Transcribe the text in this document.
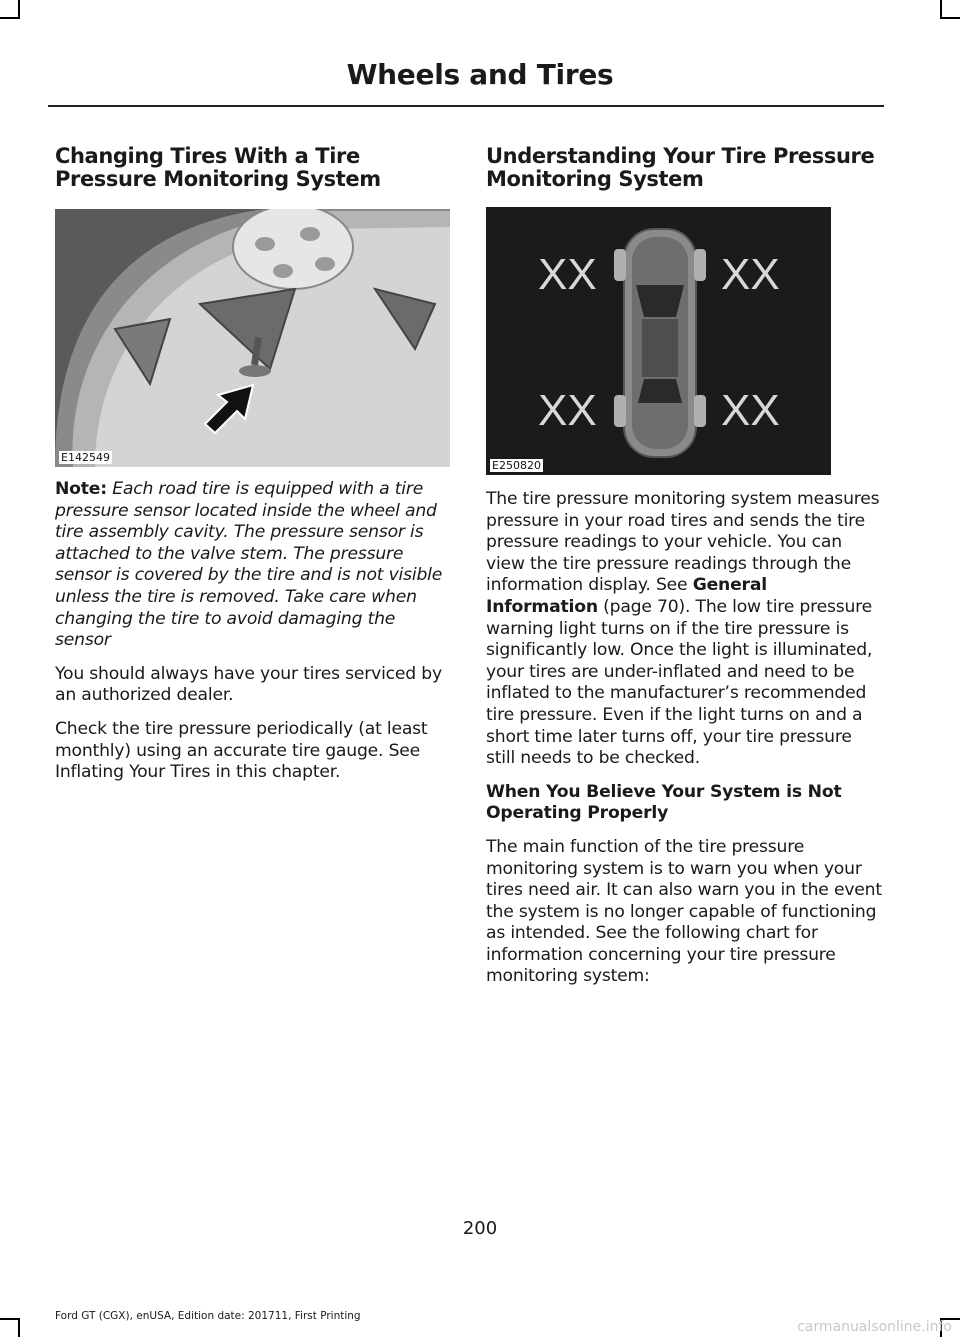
Wheels and Tires
Changing Tires With a Tire Pressure Monitoring System
E142549

Note: Each road tire is equipped with a tire pressure sensor located inside the wheel and tire assembly cavity. The pressure sensor is attached to the valve stem. The pressure sensor is covered by the tire and is not visible unless the tire is removed. Take care when changing the tire to avoid damaging the sensor

You should always have your tires serviced by an authorized dealer.

Check the tire pressure periodically (at least monthly) using an accurate tire gauge. See Inflating Your Tires in this chapter.

Understanding Your Tire Pressure Monitoring System
XX	XX
XX	XX
E250820

The tire pressure monitoring system measures pressure in your road tires and sends the tire pressure readings to your vehicle. You can view the tire pressure readings through the information display. See General Information (page 70). The low tire pressure warning light turns on if the tire pressure is significantly low. Once the light is illuminated, your tires are under-inflated and need to be inflated to the manufacturer’s recommended tire pressure. Even if the light turns on and a short time later turns off, your tire pressure still needs to be checked.

When You Believe Your System is Not Operating Properly

The main function of the tire pressure monitoring system is to warn you when your tires need air. It can also warn you in the event the system is no longer capable of functioning as intended. See the following chart for information concerning your tire pressure monitoring system:

200
Ford GT (CGX), enUSA, Edition date: 201711, First Printing
carmanualsonline.info
